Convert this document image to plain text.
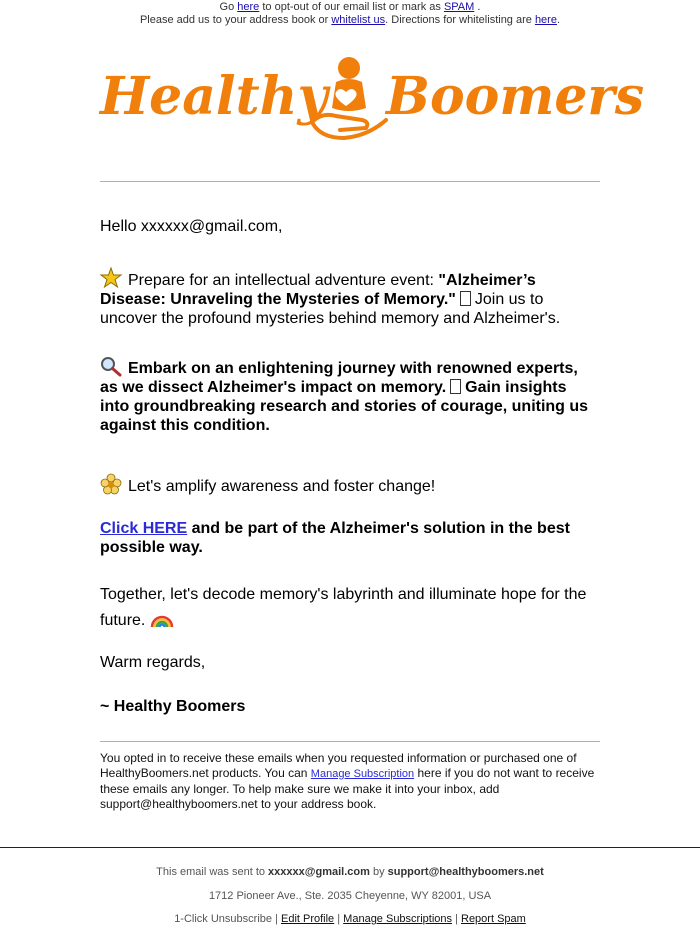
Go here to opt-out of our email list or mark as SPAM .
Please add us to your address book or whitelist us. Directions for whitelisting are here.
Healthy Boomers
Hello xxxxxx@gmail.com,
Prepare for an intellectual adventure event: "Alzheimer’s Disease: Unraveling the Mysteries of Memory." Join us to uncover the profound mysteries behind memory and Alzheimer's.
Embark on an enlightening journey with renowned experts, as we dissect Alzheimer's impact on memory. Gain insights into groundbreaking research and stories of courage, uniting us against this condition.
Let's amplify awareness and foster change!
Click HERE and be part of the Alzheimer's solution in the best possible way.
Together, let's decode memory's labyrinth and illuminate hope for the future.
Warm regards,
~ Healthy Boomers
You opted in to receive these emails when you requested information or purchased one of HealthyBoomers.net products. You can Manage Subscription here if you do not want to receive these emails any longer. To help make sure we make it into your inbox, add support@healthyboomers.net to your address book.
This email was sent to xxxxxx@gmail.com by support@healthyboomers.net
1712 Pioneer Ave., Ste. 2035 Cheyenne, WY 82001, USA
1-Click Unsubscribe | Edit Profile | Manage Subscriptions | Report Spam
